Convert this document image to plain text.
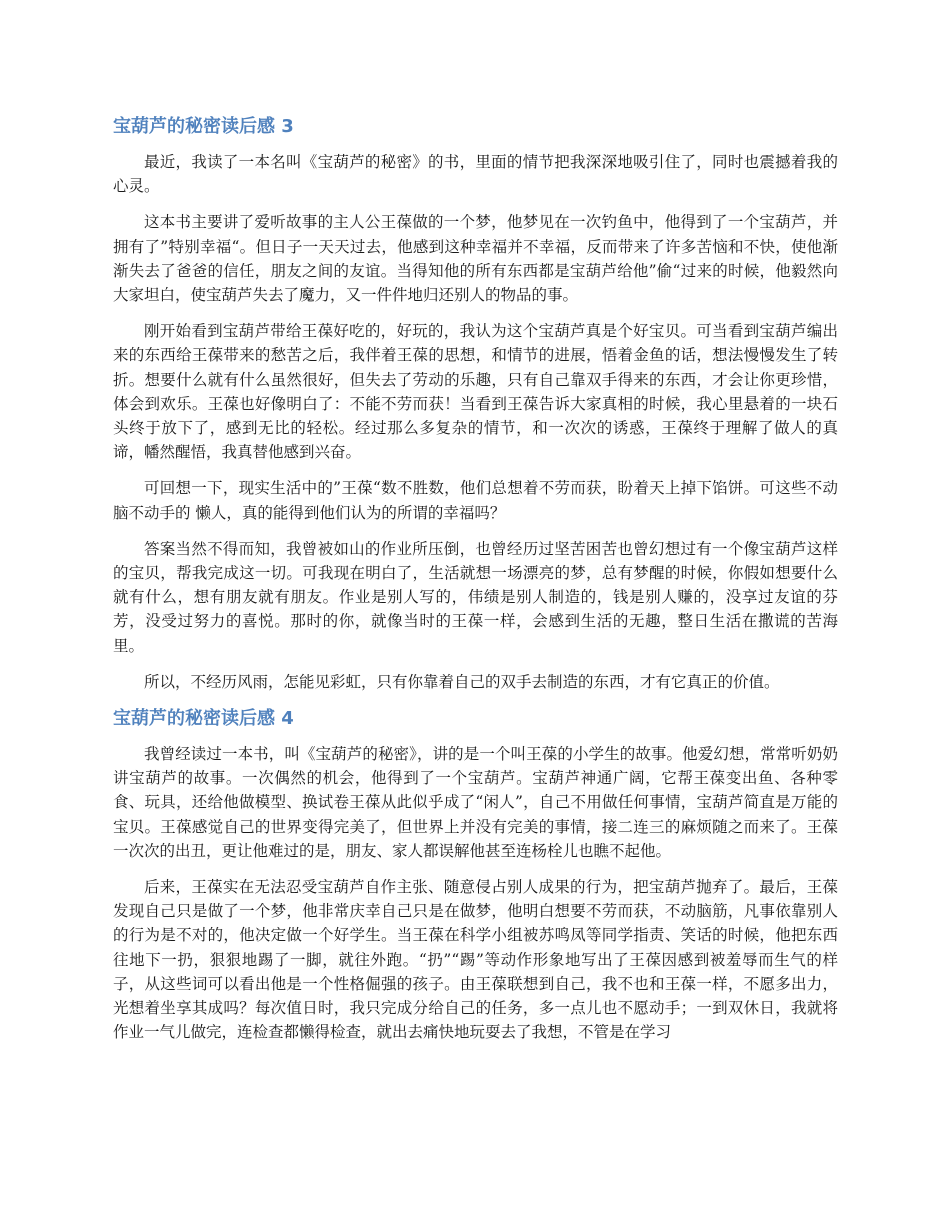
宝葫芦的秘密读后感 3

最近，我读了一本名叫《宝葫芦的秘密》的书，里面的情节把我深深地吸引住了，同时也震撼着我的心灵。

这本书主要讲了爱听故事的主人公王葆做的一个梦，他梦见在一次钓鱼中，他得到了一个宝葫芦，并拥有了”特别幸福“。但日子一天天过去，他感到这种幸福并不幸福，反而带来了许多苦恼和不快，使他渐渐失去了爸爸的信任，朋友之间的友谊。当得知他的所有东西都是宝葫芦给他”偷“过来的时候，他毅然向大家坦白，使宝葫芦失去了魔力，又一件件地归还别人的物品的事。

刚开始看到宝葫芦带给王葆好吃的，好玩的，我认为这个宝葫芦真是个好宝贝。可当看到宝葫芦编出来的东西给王葆带来的愁苦之后，我伴着王葆的思想，和情节的进展，悟着金鱼的话，想法慢慢发生了转折。想要什么就有什么虽然很好，但失去了劳动的乐趣，只有自己靠双手得来的东西，才会让你更珍惜，体会到欢乐。王葆也好像明白了：不能不劳而获！当看到王葆告诉大家真相的时候，我心里悬着的一块石头终于放下了，感到无比的轻松。经过那么多复杂的情节，和一次次的诱惑，王葆终于理解了做人的真谛，幡然醒悟，我真替他感到兴奋。

可回想一下，现实生活中的”王葆“数不胜数，他们总想着不劳而获，盼着天上掉下馅饼。可这些不动脑不动手的 懒人，真的能得到他们认为的所谓的幸福吗？

答案当然不得而知，我曾被如山的作业所压倒，也曾经历过坚苦困苦也曾幻想过有一个像宝葫芦这样的宝贝，帮我完成这一切。可我现在明白了，生活就想一场漂亮的梦，总有梦醒的时候，你假如想要什么就有什么，想有朋友就有朋友。作业是别人写的，伟绩是别人制造的，钱是别人赚的，没享过友谊的芬芳，没受过努力的喜悦。那时的你，就像当时的王葆一样，会感到生活的无趣，整日生活在撒谎的苦海里。

所以，不经历风雨，怎能见彩虹，只有你靠着自己的双手去制造的东西，才有它真正的价值。

宝葫芦的秘密读后感 4

我曾经读过一本书，叫《宝葫芦的秘密》，讲的是一个叫王葆的小学生的故事。他爱幻想，常常听奶奶讲宝葫芦的故事。一次偶然的机会，他得到了一个宝葫芦。宝葫芦神通广阔，它帮王葆变出鱼、各种零食、玩具，还给他做模型、换试卷王葆从此似乎成了“闲人”，自己不用做任何事情，宝葫芦简直是万能的宝贝。王葆感觉自己的世界变得完美了，但世界上并没有完美的事情，接二连三的麻烦随之而来了。王葆一次次的出丑，更让他难过的是，朋友、家人都误解他甚至连杨栓儿也瞧不起他。

后来，王葆实在无法忍受宝葫芦自作主张、随意侵占别人成果的行为，把宝葫芦抛弃了。最后，王葆发现自己只是做了一个梦，他非常庆幸自己只是在做梦，他明白想要不劳而获，不动脑筋，凡事依靠别人的行为是不对的，他决定做一个好学生。当王葆在科学小组被苏鸣凤等同学指责、笑话的时候，他把东西往地下一扔，狠狠地踢了一脚，就往外跑。“扔”“踢”等动作形象地写出了王葆因感到被羞辱而生气的样子，从这些词可以看出他是一个性格倔强的孩子。由王葆联想到自己，我不也和王葆一样，不愿多出力，光想着坐享其成吗？每次值日时，我只完成分给自己的任务，多一点儿也不愿动手；一到双休日，我就将作业一气儿做完，连检查都懒得检查，就出去痛快地玩耍去了我想，不管是在学习
